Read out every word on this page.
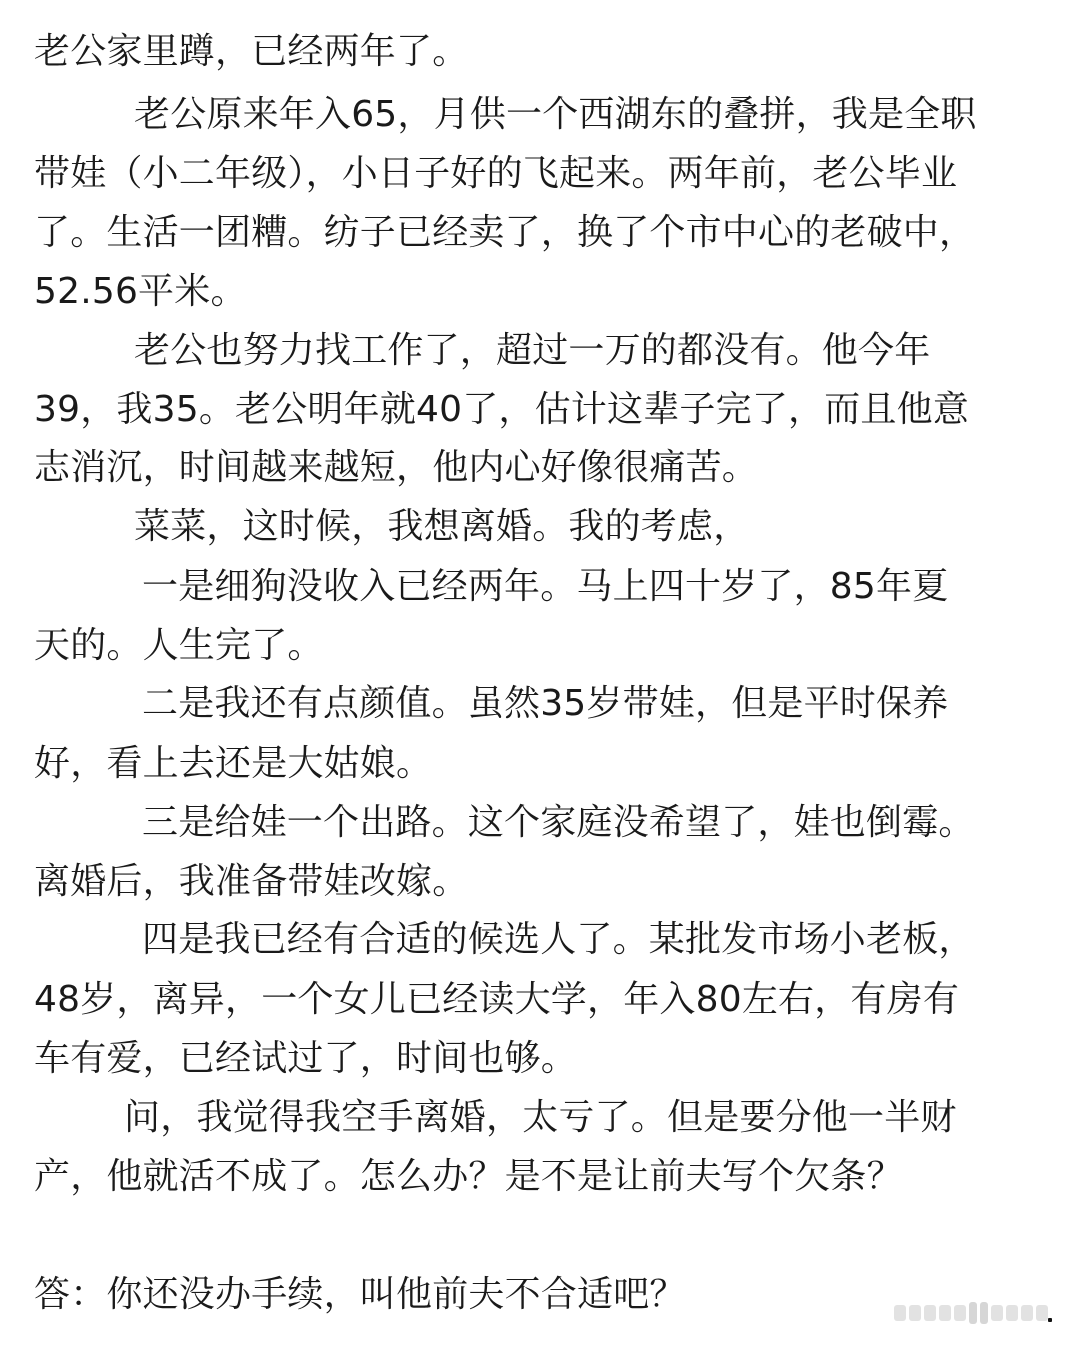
老公家里蹲，已经两年了。
老公原来年入65，月供一个西湖东的叠拼，我是全职
带娃（小二年级），小日子好的飞起来。两年前，老公毕业
了。生活一团糟。纺子已经卖了，换了个市中心的老破中，
52.56平米。
老公也努力找工作了，超过一万的都没有。他今年
39，我35。老公明年就40了，估计这辈子完了，而且他意
志消沉，时间越来越短，他内心好像很痛苦。
菜菜，这时候，我想离婚。我的考虑，
一是细狗没收入已经两年。马上四十岁了，85年夏
天的。人生完了。
二是我还有点颜值。虽然35岁带娃，但是平时保养
好，看上去还是大姑娘。
三是给娃一个出路。这个家庭没希望了，娃也倒霉。
离婚后，我准备带娃改嫁。
四是我已经有合适的候选人了。某批发市场小老板，
48岁，离异，一个女儿已经读大学，年入80左右，有房有
车有爱，已经试过了，时间也够。
问，我觉得我空手离婚，太亏了。但是要分他一半财
产，他就活不成了。怎么办？是不是让前夫写个欠条？
答：你还没办手续，叫他前夫不合适吧？
